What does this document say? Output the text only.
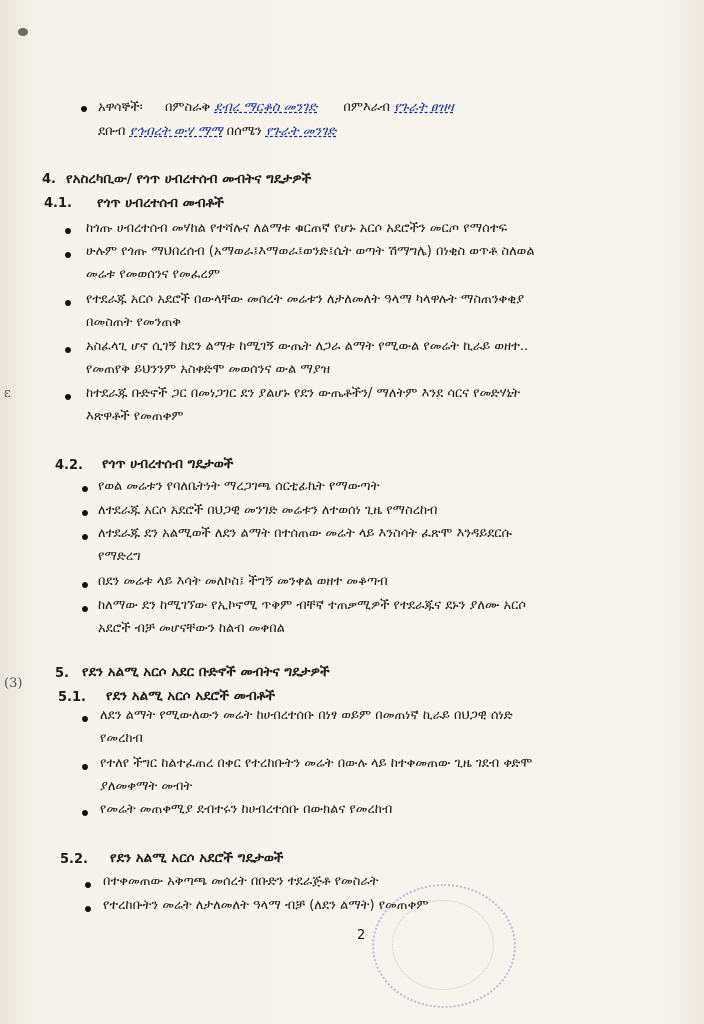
ε
(3)
አዋሳኞች፡ በምስራቅ ደብረ ማርቆስ መንገድ በምእራብ የጉራት ፀዝዛ
ደቡብ የኅብረት ውሃ ማማ በሰሜን የጉራት መንገድ
4. የአስረካቢው/ የጎጥ ሀብረተሰብ መብትና ግዴታዎች
4.1. የጎጥ ሀብረተሰብ መብቶች
ከጎጡ ሀብረተሰብ መሃከል የተሻሉና ለልማቱ ቁርጠኛ የሆኑ አርሶ አደሮችን መርጦ የማሰተፍ
ሁሉም የጎጡ ማህበረሰብ (አማወራ፤እማወራ፤ወንድ፤ሴት ወጣት ሽማግሌ) በነቂስ ወጥቶ ስለወል
መሬቱ የመወሰንና የመፈረም
የተደራጁ አርሶ አደሮች በውላቸው መሰረት መሬቱን ለታለመለት ዓላማ ካላዋሉት ማስጠንቀቂያ
በመስጠት የመንጠቅ
አስፈላጊ ሆኖ ሲገኝ ከደን ልማቱ ከሚገኝ ውጤት ለጋራ ልማት የሚውል የመሬት ኪራይ ወዘተ..
የመጠየቅ ይህንንም አስቀድሞ መወሰንና ውል ማያዝ
ከተደራጁ ቡድኖች ጋር በመነጋገር ደን ያልሆኑ የደን ውጤቶችን/ ማለትም እንደ ሳርና የመድሃኒት
እጽዋቶች የመጠቀም
4.2. የጎጥ ሀብረተሰብ ግዴታወች
የወል መሬቱን የባለቤትነት ማረጋገጫ ሰርቲፊኬት የማውጣት
ለተደራጁ አርሶ አደሮች በህጋዊ መንገድ መሬቱን ለተወሰነ ጊዜ የማስረከብ
ለተደራጁ ደን አልሚወች ለደን ልማት በተሰጠው መሬት ላይ እንስሳት ፈጽሞ እንዳይደርሱ
የማድረግ
በደን መሬቱ ላይ እሳት መለኮስ፤ ችግኝ መንቀል ወዘተ መቆጣብ
ከለማው ደን ከሚገኘው የኢኮኖሚ ጥቅም ብቸኛ ተጠቃሚዎች የተደራጁና ደኑን ያለሙ አርሶ
አደሮች ብቻ መሆናቸውን ከልብ መቀበል
5. የደን አልሚ አርሶ አደር ቡድኖች መብትና ግዴታዎች
5.1. የደን አልሚ አርሶ አደሮች መብቶች
ለደን ልማት የሚውለውን መሬት ከሀብረተሰቡ በነፃ ወይም በመጠነኛ ኪራይ በህጋዊ ሰነድ
የመረከብ
የተለየ ችግር ከልተፈጠረ በቀር የተረከቡትን መሬት በውሉ ላይ ከተቀመጠው ጊዜ ገደብ ቀድሞ
ያለመቀማት መብት
የመሬት መጠቀሚያ ደብተሩን ከሀብረተሰቡ በውክልና የመረከብ
5.2. የደን አልሚ አርሶ አደሮች ግዴታወች
በተቀመጠው አቅጣጫ መሰረት በቡድን ተደራጅቶ የመስራት
የተረከቡትን መሬት ለታለመለት ዓላማ ብቻ (ለደን ልማት) የመጠቀም
2
